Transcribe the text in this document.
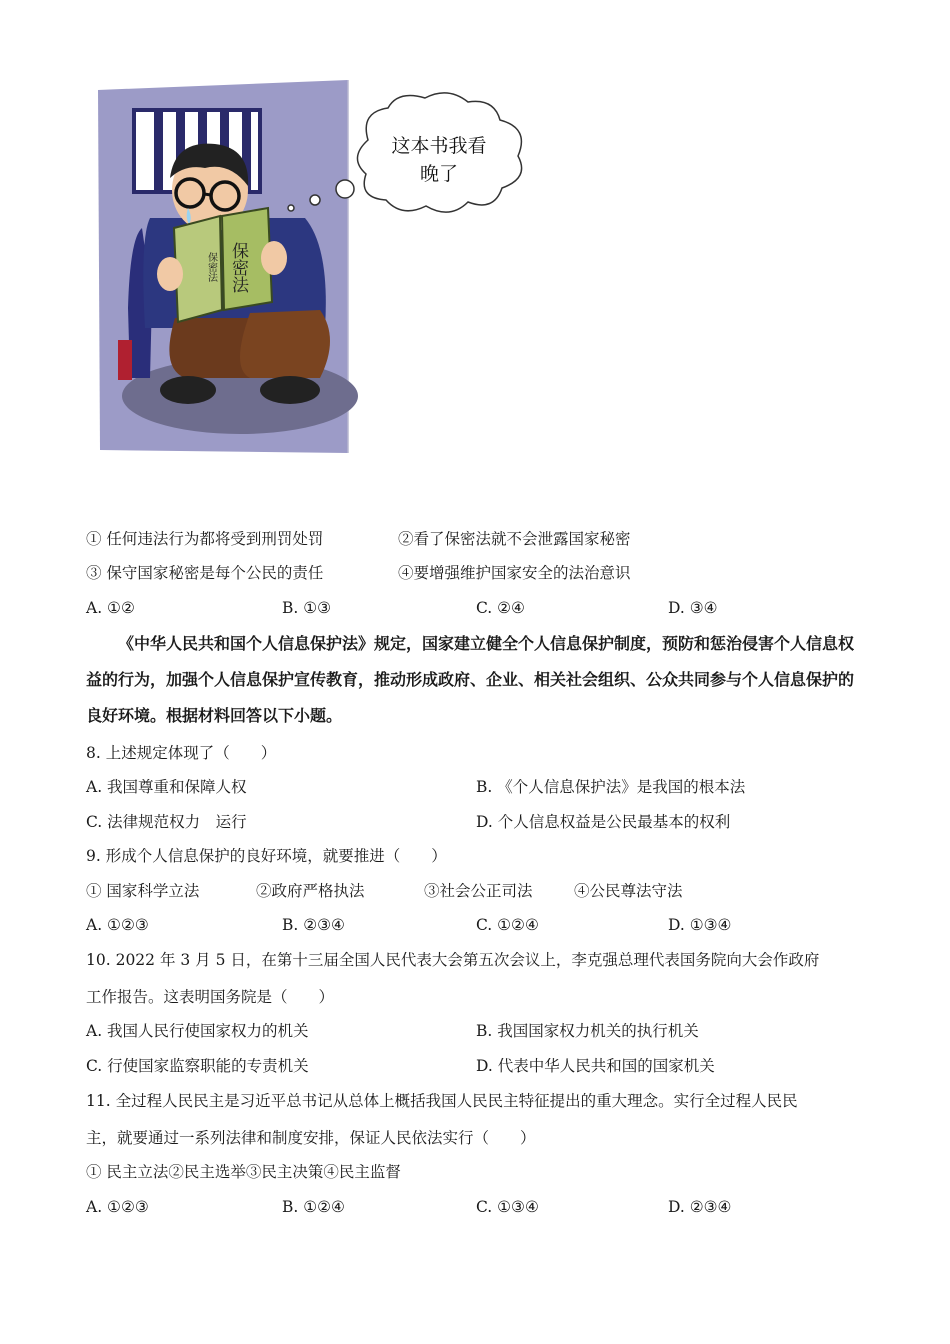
保密法 保密法
这本书我看
晚了
① 任何违法行为都将受到刑罚处罚	②看了保密法就不会泄露国家秘密
③ 保守国家秘密是每个公民的责任	④要增强维护国家安全的法治意识
A. ①②	B. ①③	C. ②④	D. ③④
《中华人民共和国个人信息保护法》规定，国家建立健全个人信息保护制度，预防和惩治侵害个人信息权益的行为，加强个人信息保护宣传教育，推动形成政府、企业、相关社会组织、公众共同参与个人信息保护的良好环境。根据材料回答以下小题。
8. 上述规定体现了（　　）
A. 我国尊重和保障人权	B. 《个人信息保护法》是我国的根本法
C. 法律规范权力　运行	D. 个人信息权益是公民最基本的权利
9. 形成个人信息保护的良好环境，就要推进（　　）
① 国家科学立法	②政府严格执法	③社会公正司法	④公民尊法守法
A. ①②③	B. ②③④	C. ①②④	D. ①③④
10. 2022 年 3 月 5 日，在第十三届全国人民代表大会第五次会议上，李克强总理代表国务院向大会作政府
工作报告。这表明国务院是（　　）
A. 我国人民行使国家权力的机关	B. 我国国家权力机关的执行机关
C. 行使国家监察职能的专责机关	D. 代表中华人民共和国的国家机关
11. 全过程人民民主是习近平总书记从总体上概括我国人民民主特征提出的重大理念。实行全过程人民民
主，就要通过一系列法律和制度安排，保证人民依法实行（　　）
① 民主立法②民主选举③民主决策④民主监督
A. ①②③	B. ①②④	C. ①③④	D. ②③④
